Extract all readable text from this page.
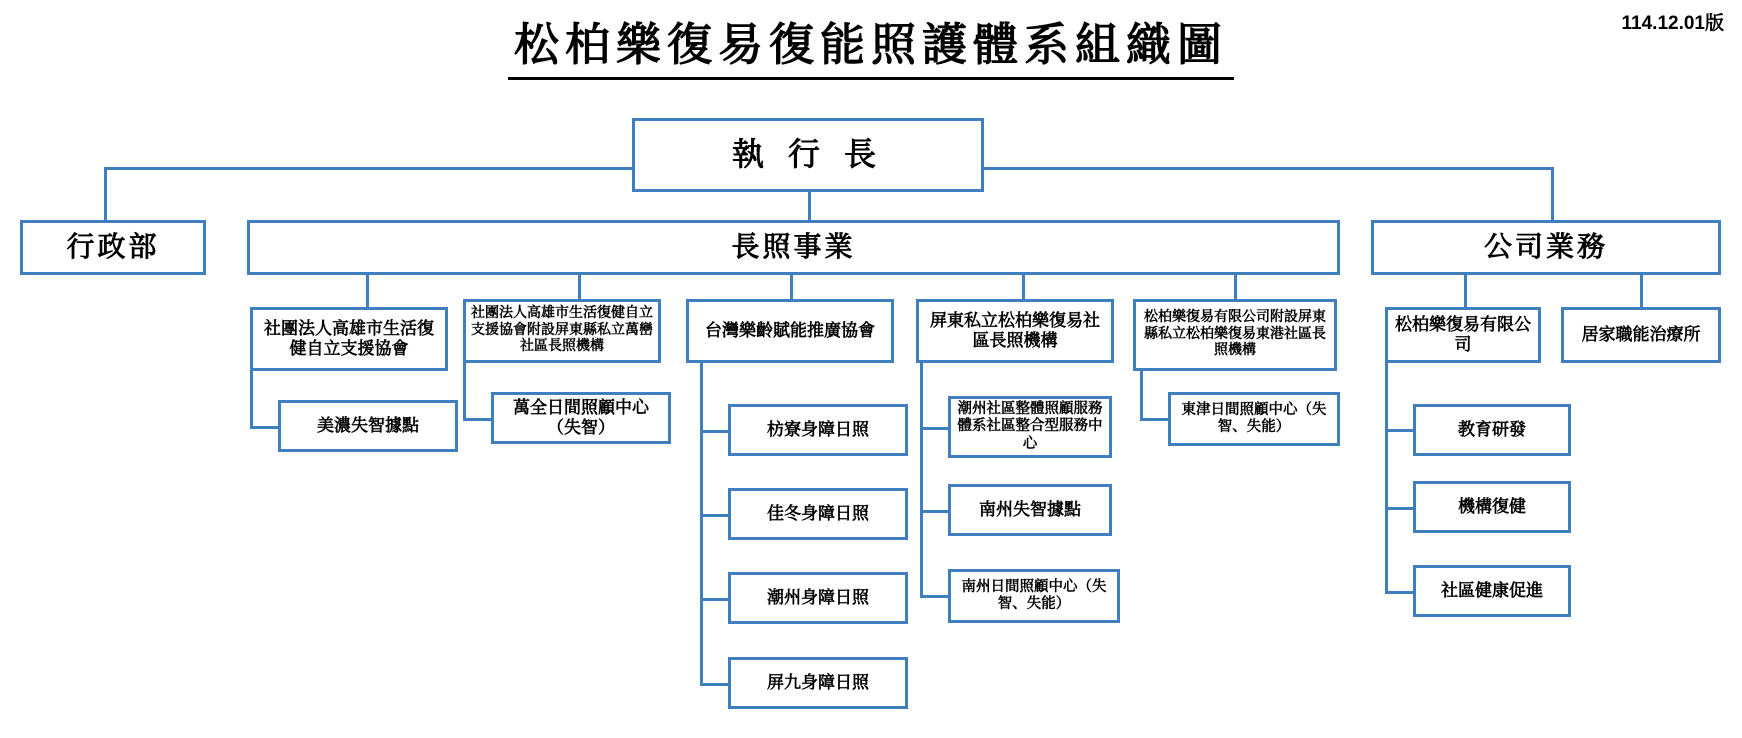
114.12.01版
松柏樂復易復能照護體系組織圖
執 行 長
行政部	長照事業	公司業務
社團法人高雄市生活復健自立支援協會
社團法人高雄市生活復健自立支援協會附設屏東縣私立萬巒社區長照機構
台灣樂齡賦能推廣協會
屏東私立松柏樂復易社區長照機構
松柏樂復易有限公司附設屏東縣私立松柏樂復易東港社區長照機構
美濃失智據點
萬全日間照顧中心（失智）	枋寮身障日照
佳冬身障日照
潮州身障日照
屏九身障日照
潮州社區整體照顧服務體系社區整合型服務中心
南州失智據點
南州日間照顧中心（失智、失能）
東津日間照顧中心（失智、失能）
松柏樂復易有限公司
居家職能治療所
教育研發
機構復健
社區健康促進
